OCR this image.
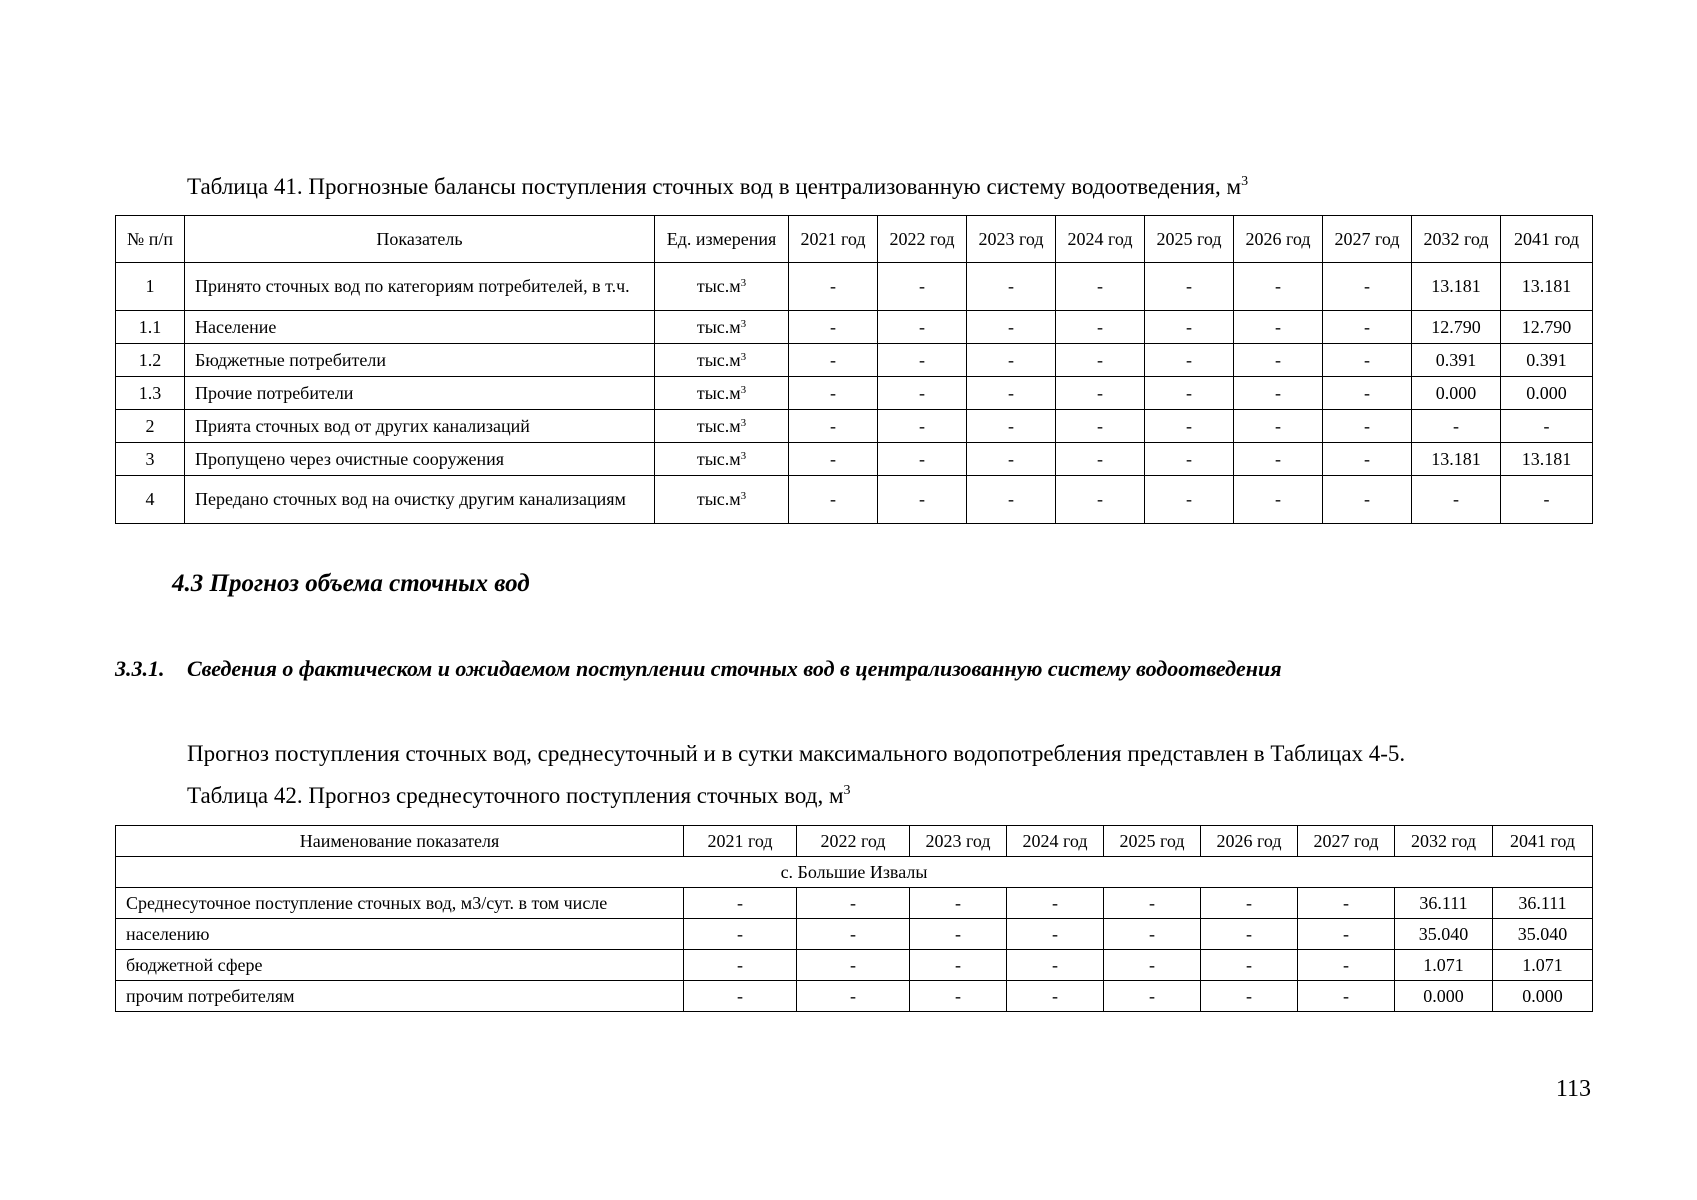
Таблица 41. Прогнозные балансы поступления сточных вод в централизованную систему водоотведения, $м^3$
№ п/п	Показатель	Ед. измерения	2021 год	2022 год	2023 год	2024 год	2025 год	2026 год	2027 год	2032 год	2041 год
1	Принято сточных вод по категориям потребителей, в т.ч.	$тыс.м^3$	-	-	-	-	-	-	-	13.181	13.181
1.1	Население	$тыс.м^3$	-	-	-	-	-	-	-	12.790	12.790
1.2	Бюджетные потребители	$тыс.м^3$	-	-	-	-	-	-	-	0.391	0.391
1.3	Прочие потребители	$тыс.м^3$	-	-	-	-	-	-	-	0.000	0.000
2	Прията сточных вод от других канализаций	$тыс.м^3$	-	-	-	-	-	-	-	-	-
3	Пропущено через очистные сооружения	$тыс.м^3$	-	-	-	-	-	-	-	13.181	13.181
4	Передано сточных вод на очистку другим канализациям	$тыс.м^3$	-	-	-	-	-	-	-	-	-
4.3 Прогноз объема сточных вод
3.3.1. Сведения о фактическом и ожидаемом поступлении сточных вод в централизованную систему водоотведения
Прогноз поступления сточных вод, среднесуточный и в сутки максимального водопотребления представлен в Таблицах 4-5.
Таблица 42. Прогноз среднесуточного поступления сточных вод, $м^3$
Наименование показателя	2021 год	2022 год	2023 год	2024 год	2025 год	2026 год	2027 год	2032 год	2041 год
с. Большие Извалы									
Среднесуточное поступление сточных вод, м3/сут. в том числе	-	-	-	-	-	-	-	36.111	36.111
населению	-	-	-	-	-	-	-	35.040	35.040
бюджетной сфере	-	-	-	-	-	-	-	1.071	1.071
прочим потребителям	-	-	-	-	-	-	-	0.000	0.000
113
